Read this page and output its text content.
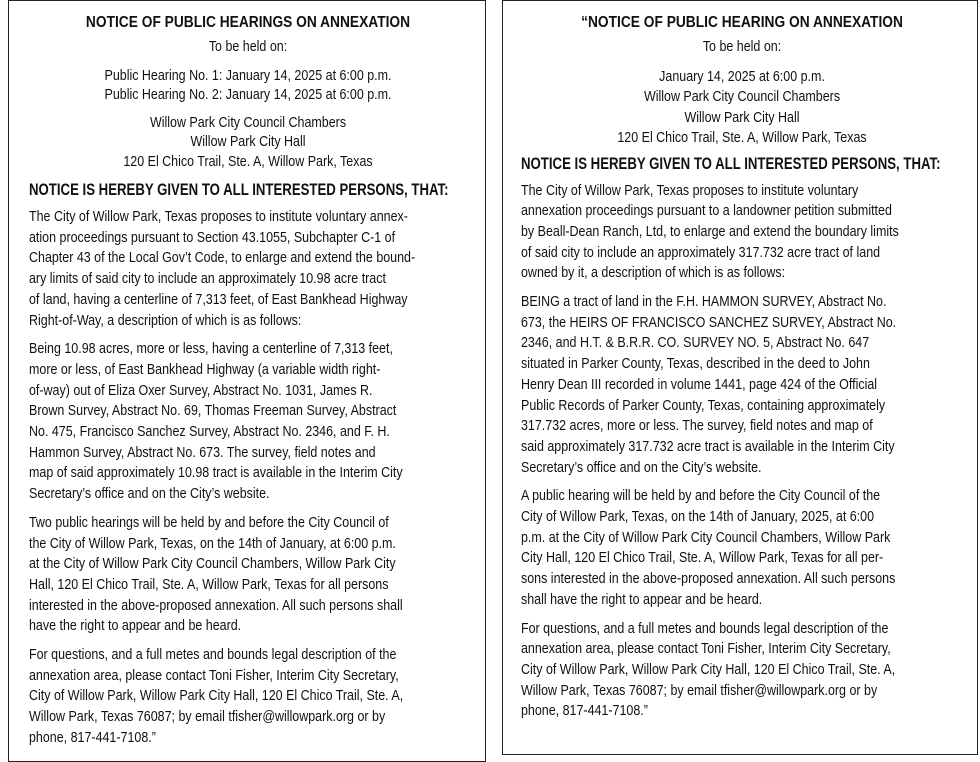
NOTICE OF PUBLIC HEARINGS ON ANNEXATION
To be held on:
Public Hearing No. 1: January 14, 2025 at 6:00 p.m.
Public Hearing No. 2: January 14, 2025 at 6:00 p.m.
Willow Park City Council Chambers
Willow Park City Hall
120 El Chico Trail, Ste. A, Willow Park, Texas
NOTICE IS HEREBY GIVEN TO ALL INTERESTED PERSONS, THAT:
The City of Willow Park, Texas proposes to institute voluntary annex-
ation proceedings pursuant to Section 43.1055, Subchapter C-1 of
Chapter 43 of the Local Gov’t Code, to enlarge and extend the bound-
ary limits of said city to include an approximately 10.98 acre tract
of land, having a centerline of 7,313 feet, of East Bankhead Highway
Right-of-Way, a description of which is as follows:
Being 10.98 acres, more or less, having a centerline of 7,313 feet,
more or less, of East Bankhead Highway (a variable width right-
of-way) out of Eliza Oxer Survey, Abstract No. 1031, James R.
Brown Survey, Abstract No. 69, Thomas Freeman Survey, Abstract
No. 475, Francisco Sanchez Survey, Abstract No. 2346, and F. H.
Hammon Survey, Abstract No. 673. The survey, field notes and
map of said approximately 10.98 tract is available in the Interim City
Secretary’s office and on the City’s website.
Two public hearings will be held by and before the City Council of
the City of Willow Park, Texas, on the 14th of January, at 6:00 p.m.
at the City of Willow Park City Council Chambers, Willow Park City
Hall, 120 El Chico Trail, Ste. A, Willow Park, Texas for all persons
interested in the above-proposed annexation. All such persons shall
have the right to appear and be heard.
For questions, and a full metes and bounds legal description of the
annexation area, please contact Toni Fisher, Interim City Secretary,
City of Willow Park, Willow Park City Hall, 120 El Chico Trail, Ste. A,
Willow Park, Texas 76087; by email tfisher@willowpark.org or by
phone, 817-441-7108.”
“NOTICE OF PUBLIC HEARING ON ANNEXATION
To be held on:
January 14, 2025 at 6:00 p.m.
Willow Park City Council Chambers
Willow Park City Hall
120 El Chico Trail, Ste. A, Willow Park, Texas
NOTICE IS HEREBY GIVEN TO ALL INTERESTED PERSONS, THAT:
The City of Willow Park, Texas proposes to institute voluntary
annexation proceedings pursuant to a landowner petition submitted
by Beall-Dean Ranch, Ltd, to enlarge and extend the boundary limits
of said city to include an approximately 317.732 acre tract of land
owned by it, a description of which is as follows:
BEING a tract of land in the F.H. HAMMON SURVEY, Abstract No.
673, the HEIRS OF FRANCISCO SANCHEZ SURVEY, Abstract No.
2346, and H.T. & B.R.R. CO. SURVEY NO. 5, Abstract No. 647
situated in Parker County, Texas, described in the deed to John
Henry Dean III recorded in volume 1441, page 424 of the Official
Public Records of Parker County, Texas, containing approximately
317.732 acres, more or less. The survey, field notes and map of
said approximately 317.732 acre tract is available in the Interim City
Secretary’s office and on the City’s website.
A public hearing will be held by and before the City Council of the
City of Willow Park, Texas, on the 14th of January, 2025, at 6:00
p.m. at the City of Willow Park City Council Chambers, Willow Park
City Hall, 120 El Chico Trail, Ste. A, Willow Park, Texas for all per-
sons interested in the above-proposed annexation. All such persons
shall have the right to appear and be heard.
For questions, and a full metes and bounds legal description of the
annexation area, please contact Toni Fisher, Interim City Secretary,
City of Willow Park, Willow Park City Hall, 120 El Chico Trail, Ste. A,
Willow Park, Texas 76087; by email tfisher@willowpark.org or by
phone, 817-441-7108.”
